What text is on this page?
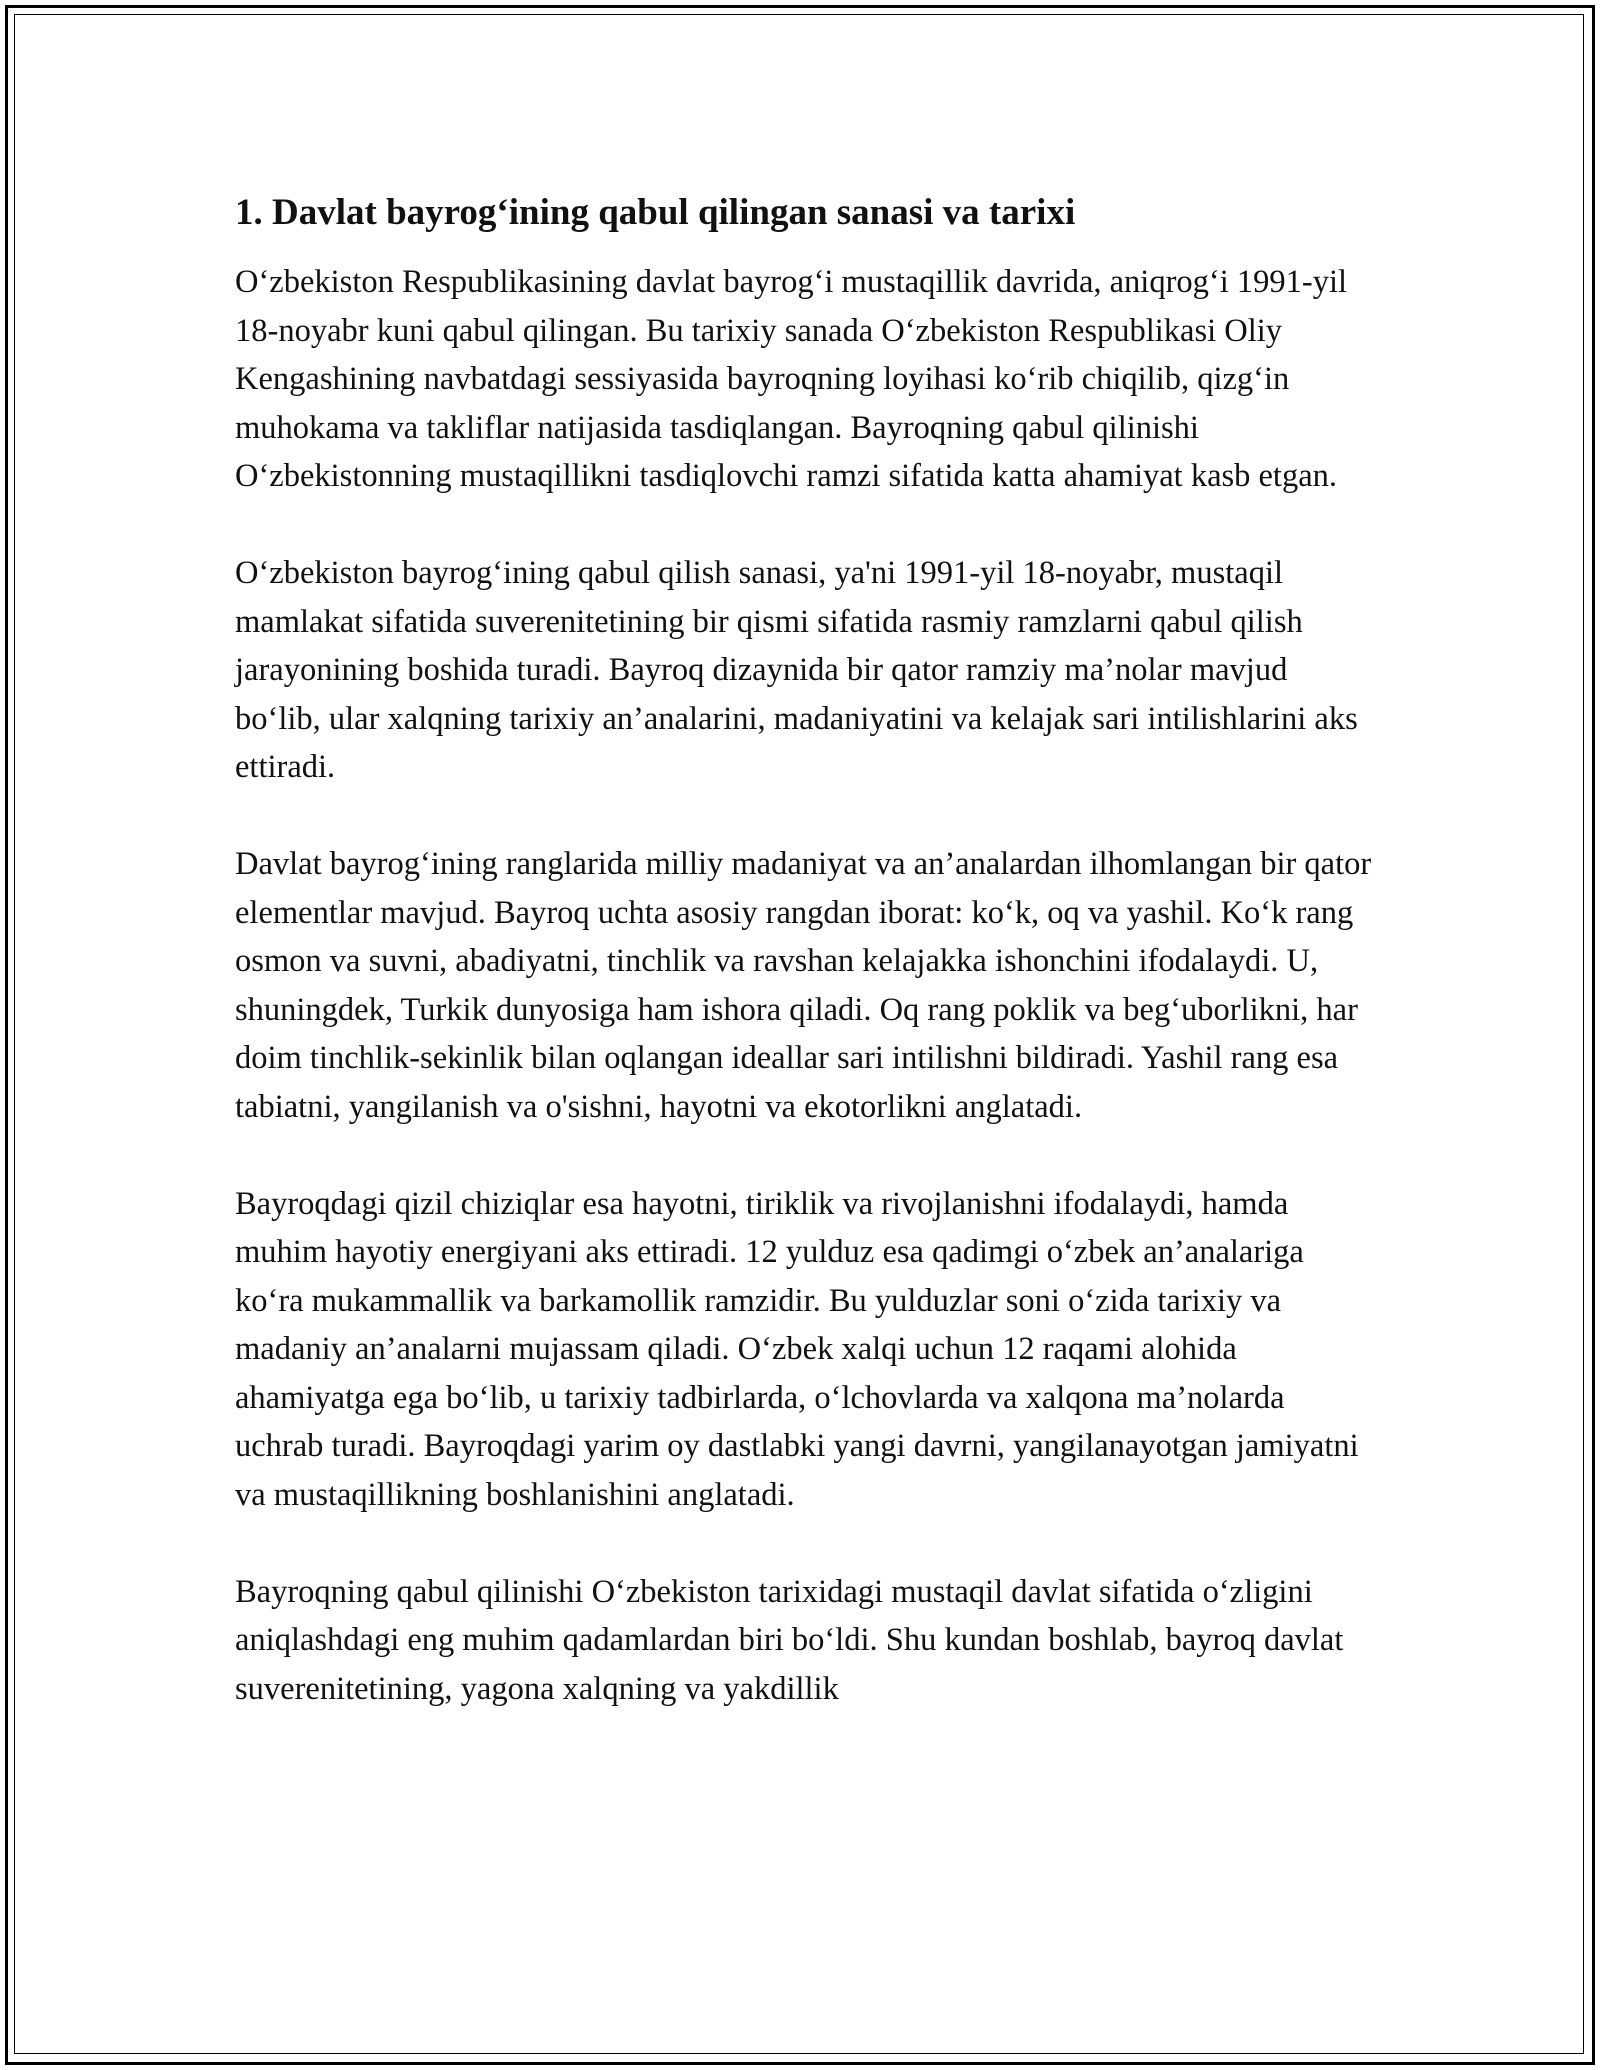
1. Davlat bayrog‘ining qabul qilingan sanasi va tarixi

O‘zbekiston Respublikasining davlat bayrog‘i mustaqillik davrida, aniqrog‘i 1991-yil 18-noyabr kuni qabul qilingan. Bu tarixiy sanada O‘zbekiston Respublikasi Oliy Kengashining navbatdagi sessiyasida bayroqning loyihasi ko‘rib chiqilib, qizg‘in muhokama va takliflar natijasida tasdiqlangan. Bayroqning qabul qilinishi O‘zbekistonning mustaqillikni tasdiqlovchi ramzi sifatida katta ahamiyat kasb etgan.

O‘zbekiston bayrog‘ining qabul qilish sanasi, ya'ni 1991-yil 18-noyabr, mustaqil mamlakat sifatida suverenitetining bir qismi sifatida rasmiy ramzlarni qabul qilish jarayonining boshida turadi. Bayroq dizaynida bir qator ramziy ma’nolar mavjud bo‘lib, ular xalqning tarixiy an’analarini, madaniyatini va kelajak sari intilishlarini aks ettiradi.

Davlat bayrog‘ining ranglarida milliy madaniyat va an’analardan ilhomlangan bir qator elementlar mavjud. Bayroq uchta asosiy rangdan iborat: ko‘k, oq va yashil. Ko‘k rang osmon va suvni, abadiyatni, tinchlik va ravshan kelajakka ishonchini ifodalaydi. U, shuningdek, Turkik dunyosiga ham ishora qiladi. Oq rang poklik va beg‘uborlikni, har doim tinchlik-sekinlik bilan oqlangan ideallar sari intilishni bildiradi. Yashil rang esa tabiatni, yangilanish va o'sishni, hayotni va ekotorlikni anglatadi.

Bayroqdagi qizil chiziqlar esa hayotni, tiriklik va rivojlanishni ifodalaydi, hamda muhim hayotiy energiyani aks ettiradi. 12 yulduz esa qadimgi o‘zbek an’analariga ko‘ra mukammallik va barkamollik ramzidir. Bu yulduzlar soni o‘zida tarixiy va madaniy an’analarni mujassam qiladi. O‘zbek xalqi uchun 12 raqami alohida ahamiyatga ega bo‘lib, u tarixiy tadbirlarda, o‘lchovlarda va xalqona ma’nolarda uchrab turadi. Bayroqdagi yarim oy dastlabki yangi davrni, yangilanayotgan jamiyatni va mustaqillikning boshlanishini anglatadi.

Bayroqning qabul qilinishi O‘zbekiston tarixidagi mustaqil davlat sifatida o‘zligini aniqlashdagi eng muhim qadamlardan biri bo‘ldi. Shu kundan boshlab, bayroq davlat suverenitetining, yagona xalqning va yakdillik
